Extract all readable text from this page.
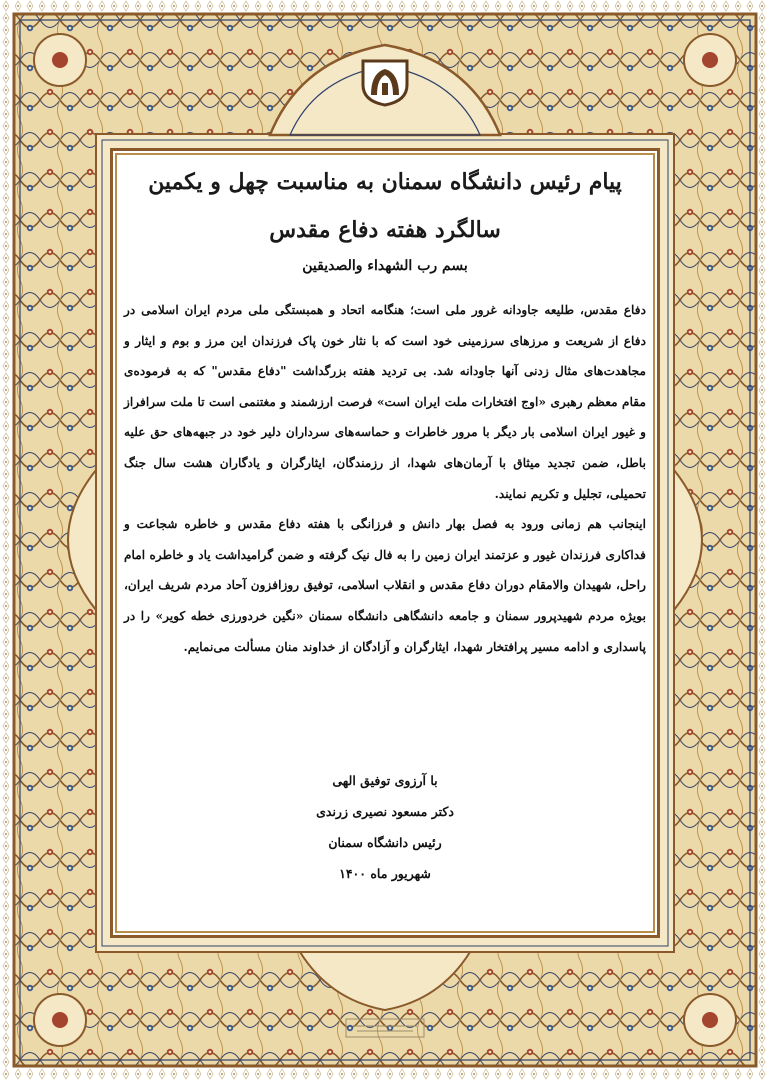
پیام رئیس دانشگاه سمنان به مناسبت چهل و یکمین سالگرد هفته دفاع مقدس
بسم رب الشهداء والصدیقین

دفاع مقدس، طلیعه جاودانه غرور ملی است؛ هنگامه اتحاد و همبستگی ملی مردم ایران اسلامی در دفاع از شریعت و مرزهای سرزمینی خود است که با نثار خون پاک فرزندان این مرز و بوم و ایثار و مجاهدت‌های مثال زدنی آنها جاودانه شد. بی تردید هفته بزرگداشت "دفاع مقدس" که به فرموده‌ی مقام معظم رهبری «اوج افتخارات ملت ایران است» فرصت ارزشمند و مغتنمی است تا ملت سرافراز و غیور ایران اسلامی بار دیگر با مرور خاطرات و حماسه‌های سرداران دلیر خود در جبهه‌های حق علیه باطل، ضمن تجدید میثاق با آرمان‌های شهدا، از رزمندگان، ایثارگران و یادگاران هشت سال جنگ تحمیلی، تجلیل و تکریم نمایند.

اینجانب هم زمانی ورود به فصل بهار دانش و فرزانگی با هفته دفاع مقدس و خاطره شجاعت و فداکاری فرزندان غیور و عزتمند ایران زمین را به فال نیک گرفته و ضمن گرامیداشت یاد و خاطره امام راحل، شهیدان والامقام دوران دفاع مقدس و انقلاب اسلامی، توفیق روزافزون آحاد مردم شریف ایران، بویژه مردم شهیدپرور سمنان و جامعه دانشگاهی دانشگاه سمنان «نگین خردورزی خطه کویر» را در پاسداری و ادامه مسیر پرافتخار شهدا، ایثارگران و آزادگان از خداوند منان مسألت می‌نمایم.

با آرزوی توفیق الهی
دکتر مسعود نصیری زرندی
رئیس دانشگاه سمنان
شهریور ماه ۱۴۰۰
